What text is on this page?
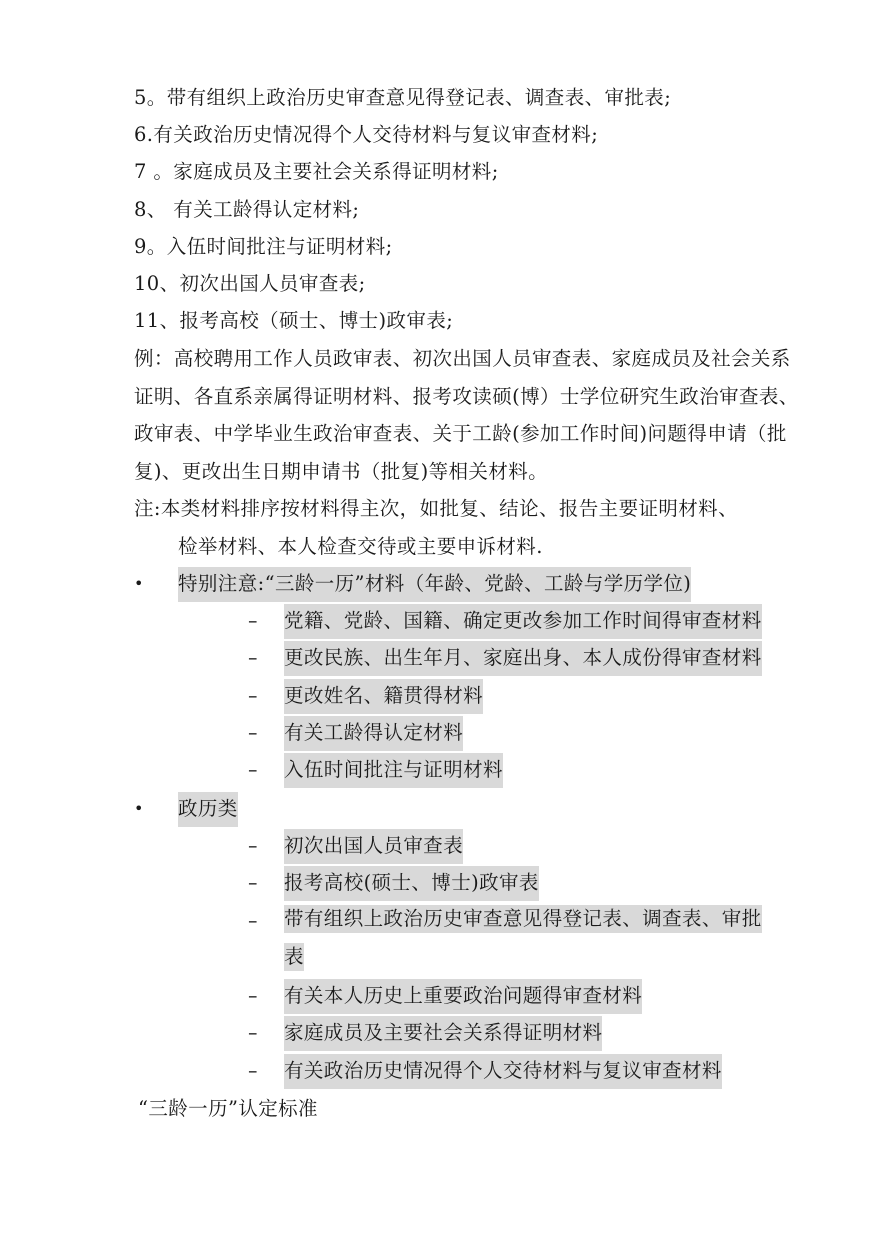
5。带有组织上政治历史审查意见得登记表、调查表、审批表;
6.有关政治历史情况得个人交待材料与复议审查材料;
7 。家庭成员及主要社会关系得证明材料;
8、 有关工龄得认定材料;
9。入伍时间批注与证明材料;
10、初次出国人员审查表;
11、报考高校（硕士、博士)政审表;
例：高校聘用工作人员政审表、初次出国人员审查表、家庭成员及社会关系证明、各直系亲属得证明材料、报考攻读硕(博）士学位研究生政治审查表、政审表、中学毕业生政治审查表、关于工龄(参加工作时间)问题得申请（批复)、更改出生日期申请书（批复)等相关材料。
注:本类材料排序按材料得主次，如批复、结论、报告主要证明材料、
检举材料、本人检查交待或主要申诉材料.
• 特别注意:“三龄一历”材料（年龄、党龄、工龄与学历学位)
– 党籍、党龄、国籍、确定更改参加工作时间得审查材料
– 更改民族、出生年月、家庭出身、本人成份得审查材料
– 更改姓名、籍贯得材料
– 有关工龄得认定材料
– 入伍时间批注与证明材料
• 政历类
– 初次出国人员审查表
– 报考高校(硕士、博士)政审表
– 带有组织上政治历史审查意见得登记表、调查表、审批
表
– 有关本人历史上重要政治问题得审查材料
– 家庭成员及主要社会关系得证明材料
– 有关政治历史情况得个人交待材料与复议审查材料
“三龄一历”认定标准
